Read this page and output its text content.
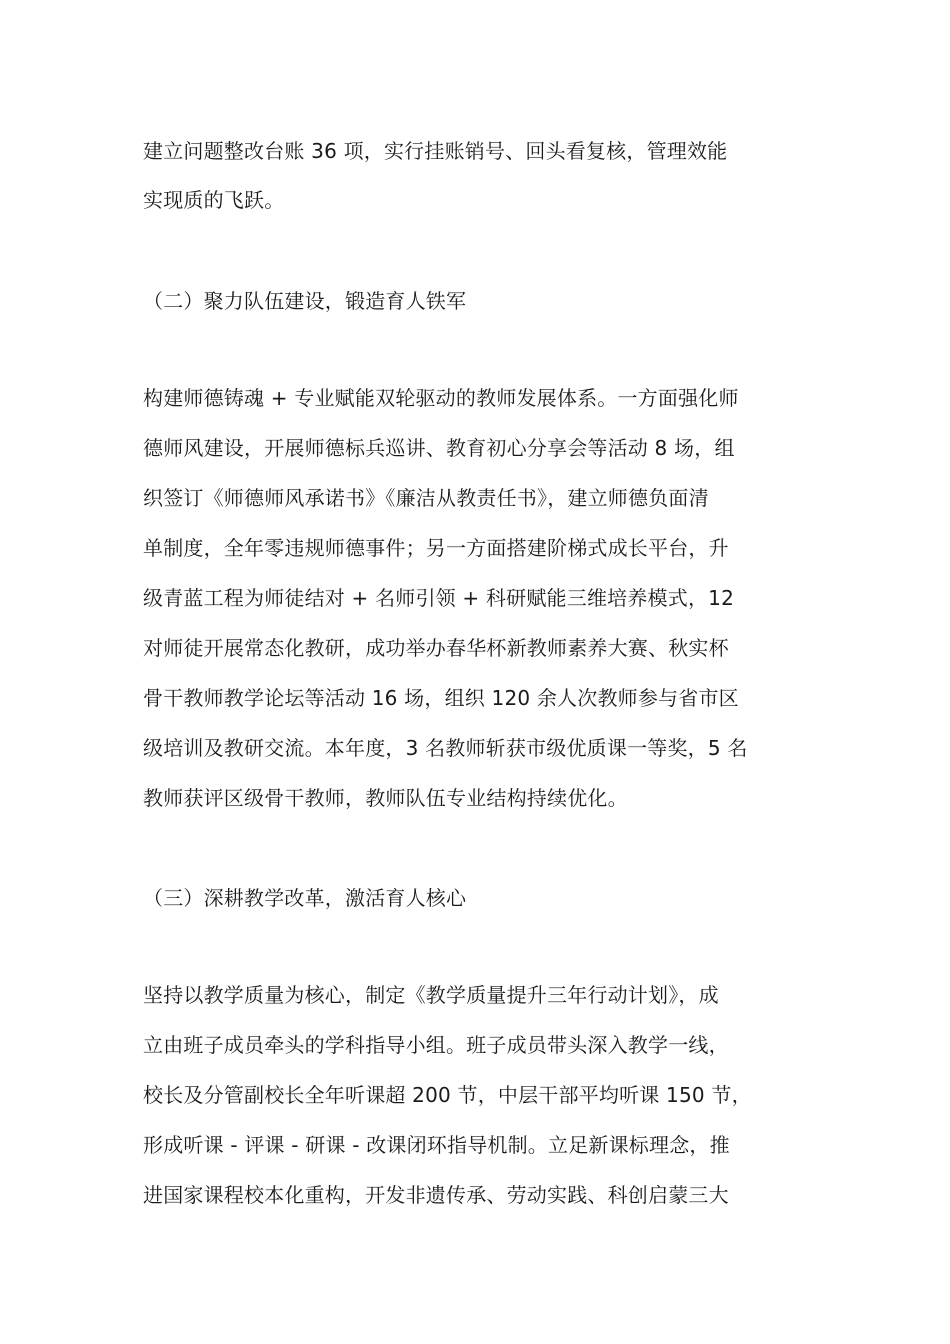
建立问题整改台账 36 项，实行挂账销号、回头看复核，管理效能
实现质的飞跃。
（二）聚力队伍建设，锻造育人铁军
构建师德铸魂 + 专业赋能双轮驱动的教师发展体系。一方面强化师
德师风建设，开展师德标兵巡讲、教育初心分享会等活动 8 场，组
织签订《师德师风承诺书》《廉洁从教责任书》，建立师德负面清
单制度，全年零违规师德事件；另一方面搭建阶梯式成长平台，升
级青蓝工程为师徒结对 + 名师引领 + 科研赋能三维培养模式，12
对师徒开展常态化教研，成功举办春华杯新教师素养大赛、秋实杯
骨干教师教学论坛等活动 16 场，组织 120 余人次教师参与省市区
级培训及教研交流。本年度，3 名教师斩获市级优质课一等奖，5 名
教师获评区级骨干教师，教师队伍专业结构持续优化。
（三）深耕教学改革，激活育人核心
坚持以教学质量为核心，制定《教学质量提升三年行动计划》，成
立由班子成员牵头的学科指导小组。班子成员带头深入教学一线，
校长及分管副校长全年听课超 200 节，中层干部平均听课 150 节，
形成听课 - 评课 - 研课 - 改课闭环指导机制。立足新课标理念，推
进国家课程校本化重构，开发非遗传承、劳动实践、科创启蒙三大
